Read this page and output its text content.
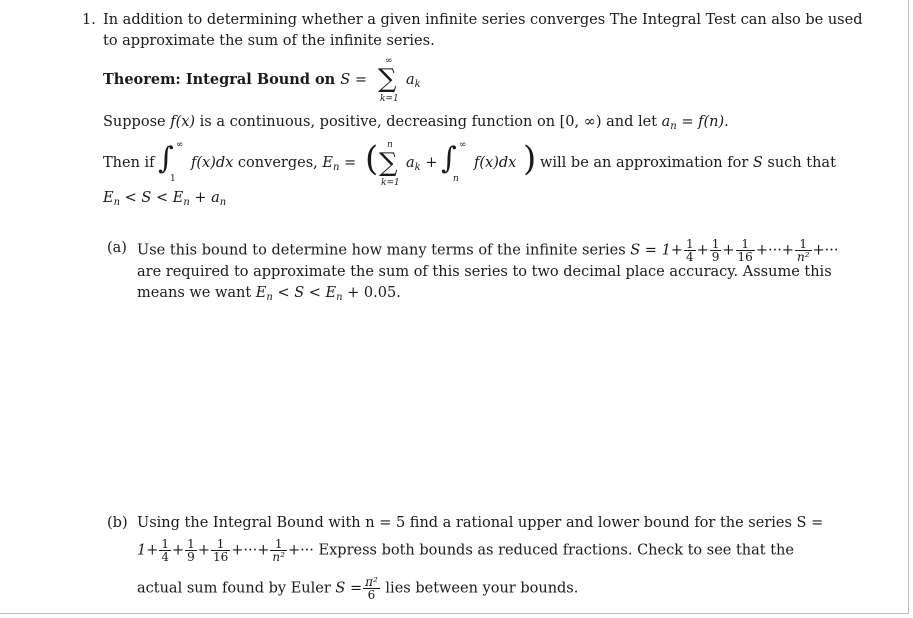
1. In addition to determining whether a given infinite series converges The Integral Test can also be used
to approximate the sum of the infinite series.
Theorem: Integral Bound on S =
∞
∑
k=1
$a_k$
Suppose f(x) is a continuous, positive, decreasing function on [0, ∞) and let $a_n = f(n)$.
Then if ∫ ∞
1
f(x)dx converges, $E_n$ = ( n
∑
k=1
$a_k$ + ∫ ∞
n
f(x)dx ) will be an approximation for S such that
$E_n < S < E_n + a_n$
(a) Use this bound to determine how many terms of the infinite series $S = 1+ \frac{1}{4} + \frac{1}{9} + \frac{1}{16}$ +···+ $\frac{1}{\text{n²}}$ +···
are required to approximate the sum of this series to two decimal place accuracy. Assume this
means we want $E_n < S < E_n + 0.05$.
(b) Using the Integral Bound with n = 5 find a rational upper and lower bound for the series S =
$1+ \frac{1}{4} + \frac{1}{9} + \frac{1}{16}$ +···+ $\frac{1}{\text{n²}}$ +··· Express both bounds as reduced fractions. Check to see that the
actual sum found by Euler $S = \frac{\text{π²}}{6}$ lies between your bounds.
